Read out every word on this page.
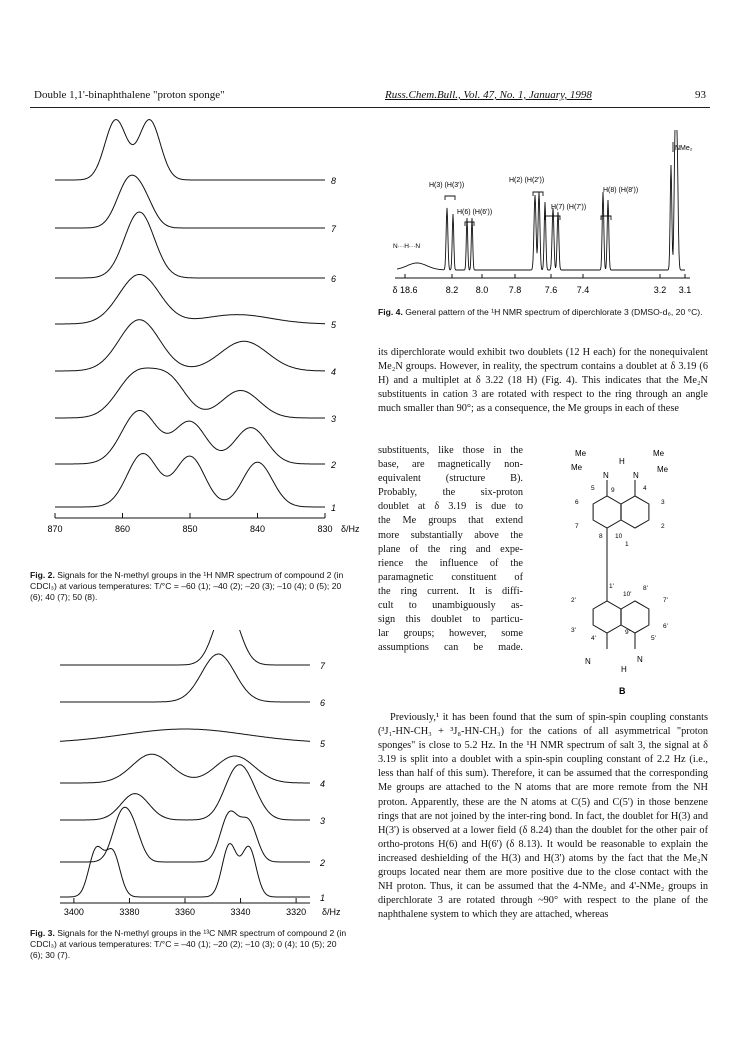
Double 1,1'-binaphthalene "proton sponge"	Russ.Chem.Bull., Vol. 47, No. 1, January, 1998	93
8
7
6
5
4
3
2
1
870	860	850	840	830 δ/Hz
Fig. 2. Signals for the N-methyl groups in the ¹H NMR spectrum of compound 2 (in CDCl₃) at various temperatures: T/°C = –60 (1); –40 (2); –20 (3); –10 (4); 0 (5); 20 (6); 40 (7); 50 (8).
7
6
5
4
3
2
1
3400	3380	3360	3340	3320 δ/Hz
Fig. 3. Signals for the N-methyl groups in the ¹³C NMR spectrum of compound 2 (in CDCl₃) at various temperatures: T/°C = –40 (1); –20 (2); –10 (3); 0 (4); 10 (5); 20 (6); 30 (7).
NMe₂
H(3) (H(3'))
H(2) (H(2'))
H(8) (H(8'))
H(6) (H(6'))
H(7) (H(7'))
N···H···N
δ 18.6	8.2 8.0 7.8	7.6 7.4	3.2 3.1
Fig. 4. General pattern of the ¹H NMR spectrum of diperchlorate 3 (DMSO-d₆, 20 °C).

its diperchlorate would exhibit two doublets (12 H each) for the nonequivalent Me₂N groups. However, in reality, the spectrum contains a doublet at δ 3.19 (6 H) and a multiplet at δ 3.22 (18 H) (Fig. 4). This indicates that the Me₂N substituents in cation 3 are rotated with respect to the ring through an angle much smaller than 90°; as a consequence, the Me groups in each of these

substituents, like those in the
base, are magnetically non-
equivalent (structure B).
Probably, the six-proton
doublet at δ 3.19 is due to
the Me groups that extend
more substantially above the
plane of the ring and expe-
rience the influence of the
paramagnetic constituent of
the ring current. It is diffi-
cult to unambiguously as-
sign this doublet to particu-
lar groups; however, some
assumptions can be made.
Me	Me
Me	Me
N	N
N	N
H
H
1
2
3
4
5
6
7
8
9
10
1'
2'
3'
4'	5'
6'
7'
8'
9'
10'
B

Previously,¹ it has been found that the sum of spin-spin coupling constants (³J₁-HN-CH₃ + ³J₈-HN-CH₃) for the cations of all asymmetrical "proton sponges" is close to 5.2 Hz. In the ¹H NMR spectrum of salt 3, the signal at δ 3.19 is split into a doublet with a spin-spin coupling constant of 2.2 Hz (i.e., less than half of this sum). Therefore, it can be assumed that the corresponding Me groups are attached to the N atoms that are more remote from the NH proton. Apparently, these are the N atoms at C(5) and C(5') in those benzene rings that are not joined by the inter-ring bond. In fact, the doublet for H(3) and H(3') is observed at a lower field (δ 8.24) than the doublet for the other pair of ortho-protons H(6) and H(6') (δ 8.13). It would be reasonable to explain the increased deshielding of the H(3) and H(3') atoms by the fact that the Me₂N groups located near them are more positive due to the close contact with the NH proton. Thus, it can be assumed that the 4-NMe₂ and 4'-NMe₂ groups in diperchlorate 3 are rotated through ~90° with respect to the plane of the naphthalene system to which they are attached, whereas
